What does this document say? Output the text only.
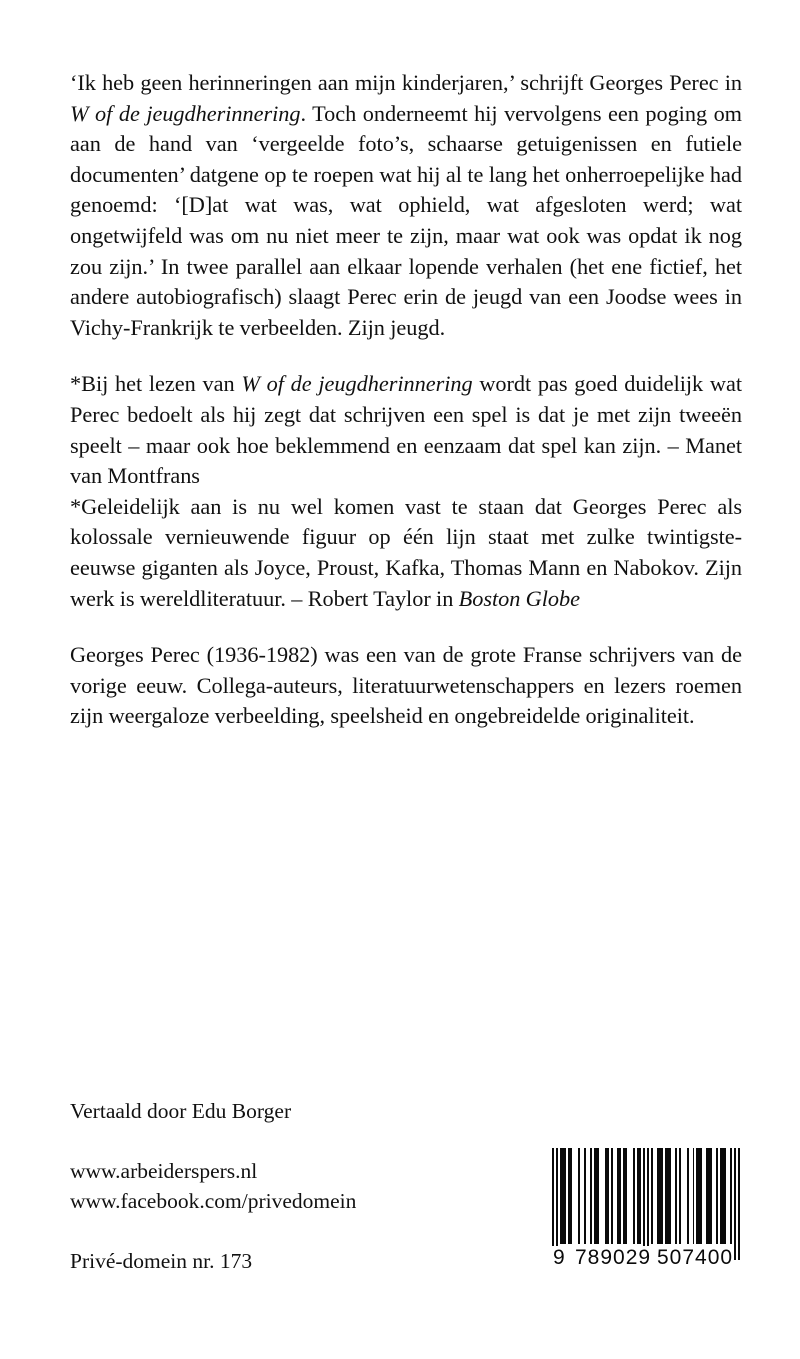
‘Ik heb geen herinneringen aan mijn kinderjaren,’ schrijft Georges Perec in W of de jeugdherinnering. Toch onderneemt hij vervolgens een poging om aan de hand van ‘vergeelde foto’s, schaarse getuigenissen en futiele documenten’ datgene op te roepen wat hij al te lang het onherroepelijke had genoemd: ‘[D]at wat was, wat ophield, wat afgesloten werd; wat ongetwijfeld was om nu niet meer te zijn, maar wat ook was opdat ik nog zou zijn.’ In twee parallel aan elkaar lopende verhalen (het ene fictief, het andere autobiografisch) slaagt Perec erin de jeugd van een Joodse wees in Vichy-Frankrijk te verbeelden. Zijn jeugd.

*Bij het lezen van W of de jeugdherinnering wordt pas goed duidelijk wat Perec bedoelt als hij zegt dat schrijven een spel is dat je met zijn tweeën speelt – maar ook hoe beklemmend en eenzaam dat spel kan zijn. – Manet van Montfrans
*Geleidelijk aan is nu wel komen vast te staan dat Georges Perec als kolossale vernieuwende figuur op één lijn staat met zulke twintigste-eeuwse giganten als Joyce, Proust, Kafka, Thomas Mann en Nabokov. Zijn werk is wereldliteratuur. – Robert Taylor in Boston Globe

Georges Perec (1936-1982) was een van de grote Franse schrijvers van de vorige eeuw. Collega-auteurs, literatuurwetenschappers en lezers roemen zijn weergaloze verbeelding, speelsheid en ongebreidelde originaliteit.

Vertaald door Edu Borger

www.arbeiderspers.nl

www.facebook.com/privedomein

Privé-domein nr. 173	9 789029 507400
